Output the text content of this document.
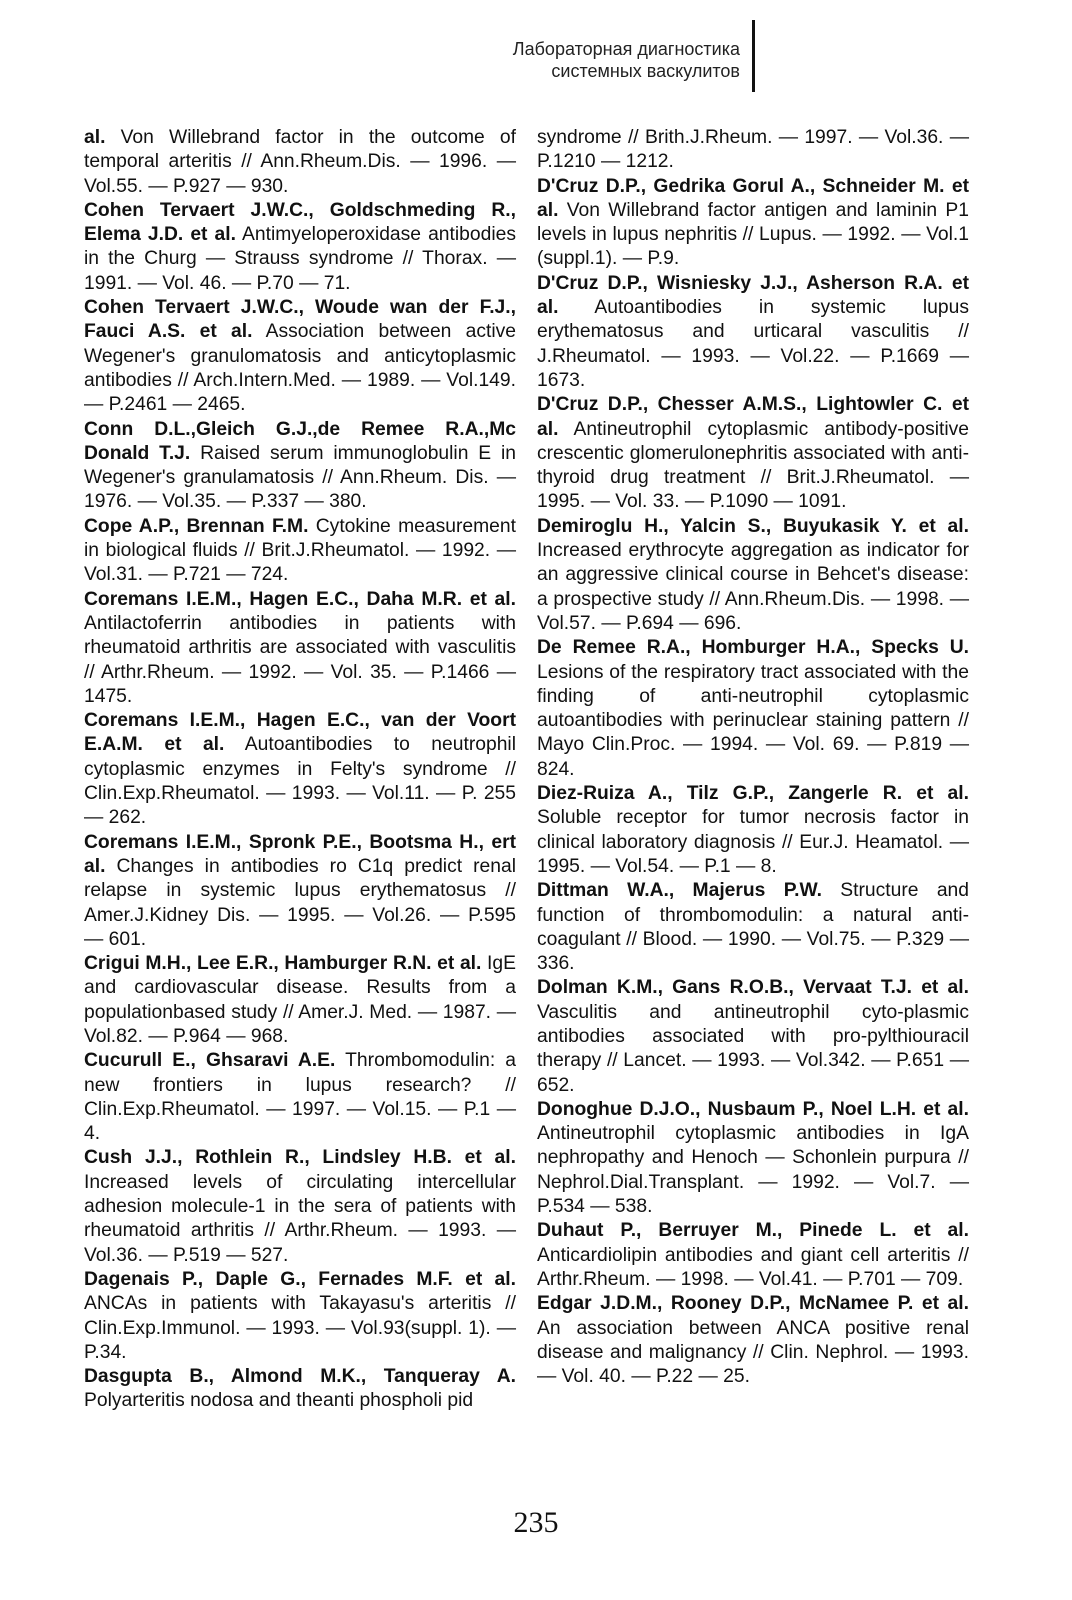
Лабораторная диагностика
системных васкулитов

al. Von Willebrand factor in the outcome of temporal arteritis // Ann.Rheum.Dis. — 1996. — Vol.55. — P.927 — 930.

Cohen Tervaert J.W.C., Goldschmeding R., Elema J.D. et al. Antimyeloperoxidase antibodies in the Churg — Strauss syndrome // Thorax. — 1991. — Vol. 46. — P.70 — 71.

Cohen Tervaert J.W.C., Woude wan der F.J., Fauci A.S. et al. Association between active Wegener's granulomatosis and anticytoplasmic antibodies // Arch.Intern.Med. — 1989. — Vol.149. — P.2461 — 2465.

Conn D.L.,Gleich G.J.,de Remee R.A.,Mc Donald T.J. Raised serum immunoglobulin E in Wegener's granulamatosis // Ann.Rheum. Dis. — 1976. — Vol.35. — P.337 — 380.

Cope A.P., Brennan F.M. Cytokine measurement in biological fluids // Brit.J.Rheumatol. — 1992. — Vol.31. — P.721 — 724.

Coremans I.E.M., Hagen E.C., Daha M.R. et al. Antilactoferrin antibodies in patients with rheumatoid arthritis are associated with vasculitis // Arthr.Rheum. — 1992. — Vol. 35. — P.1466 — 1475.

Coremans I.E.M., Hagen E.C., van der Voort E.A.M. et al. Autoantibodies to neutrophil cytoplasmic enzymes in Felty's syndrome // Clin.Exp.Rheumatol. — 1993. — Vol.11. — P. 255 — 262.

Coremans I.E.M., Spronk P.E., Bootsma H., ert al. Changes in antibodies ro C1q predict renal relapse in systemic lupus erythematosus // Amer.J.Kidney Dis. — 1995. — Vol.26. — P.595 — 601.

Crigui M.H., Lee E.R., Hamburger R.N. et al. IgE and cardiovascular disease. Results from a populationbased study // Amer.J. Med. — 1987. — Vol.82. — P.964 — 968.

Cucurull E., Ghsaravi A.E. Thrombomodulin: a new frontiers in lupus research? // Clin.Exp.Rheumatol. — 1997. — Vol.15. — P.1 — 4.

Cush J.J., Rothlein R., Lindsley H.B. et al. Increased levels of circulating intercellular adhesion molecule-1 in the sera of patients with rheumatoid arthritis // Arthr.Rheum. — 1993. — Vol.36. — P.519 — 527.

Dagenais P., Daple G., Fernades M.F. et al. ANCAs in patients with Takayasu's arteritis // Clin.Exp.Immunol. — 1993. — Vol.93(suppl. 1). — P.34.

Dasgupta B., Almond M.K., Tanqueray A. Polyarteritis nodosa and theanti phospholi pid

syndrome // Brith.J.Rheum. — 1997. — Vol.36. — P.1210 — 1212.

D'Cruz D.P., Gedrika Gorul A., Schneider M. et al. Von Willebrand factor antigen and laminin P1 levels in lupus nephritis // Lupus. — 1992. — Vol.1 (suppl.1). — P.9.

D'Cruz D.P., Wisniesky J.J., Asherson R.A. et al. Autoantibodies in systemic lupus erythematosus and urticaral vasculitis // J.Rheumatol. — 1993. — Vol.22. — P.1669 — 1673.

D'Cruz D.P., Chesser A.M.S., Lightowler C. et al. Antineutrophil cytoplasmic antibody-positive crescentic glomerulonephritis associated with anti-thyroid drug treatment // Brit.J.Rheumatol. — 1995. — Vol. 33. — P.1090 — 1091.

Demiroglu H., Yalcin S., Buyukasik Y. et al. Increased erythrocyte aggregation as indicator for an aggressive clinical course in Behcet's disease: a prospective study // Ann.Rheum.Dis. — 1998. — Vol.57. — P.694 — 696.

De Remee R.A., Homburger H.A., Specks U. Lesions of the respiratory tract associated with the finding of anti-neutrophil cytoplasmic autoantibodies with perinuclear staining pattern // Mayo Clin.Proc. — 1994. — Vol. 69. — P.819 — 824.

Diez-Ruiza A., Tilz G.P., Zangerle R. et al. Soluble receptor for tumor necrosis factor in clinical laboratory diagnosis // Eur.J. Heamatol. — 1995. — Vol.54. — P.1 — 8.

Dittman W.A., Majerus P.W. Structure and function of thrombomodulin: a natural anti-coagulant // Blood. — 1990. — Vol.75. — P.329 — 336.

Dolman K.M., Gans R.O.B., Vervaat T.J. et al. Vasculitis and antineutrophil cyto-plasmic antibodies associated with pro-pylthiouracil therapy // Lancet. — 1993. — Vol.342. — P.651 — 652.

Donoghue D.J.O., Nusbaum P., Noel L.H. et al. Antineutrophil cytoplasmic antibodies in IgA nephropathy and Henoch — Schonlein purpura // Nephrol.Dial.Transplant. — 1992. — Vol.7. — P.534 — 538.

Duhaut P., Berruyer M., Pinede L. et al. Anticardiolipin antibodies and giant cell arteritis // Arthr.Rheum. — 1998. — Vol.41. — P.701 — 709.

Edgar J.D.M., Rooney D.P., McNamee P. et al. An association between ANCA positive renal disease and malignancy // Clin. Nephrol. — 1993. — Vol. 40. — P.22 — 25.

235
